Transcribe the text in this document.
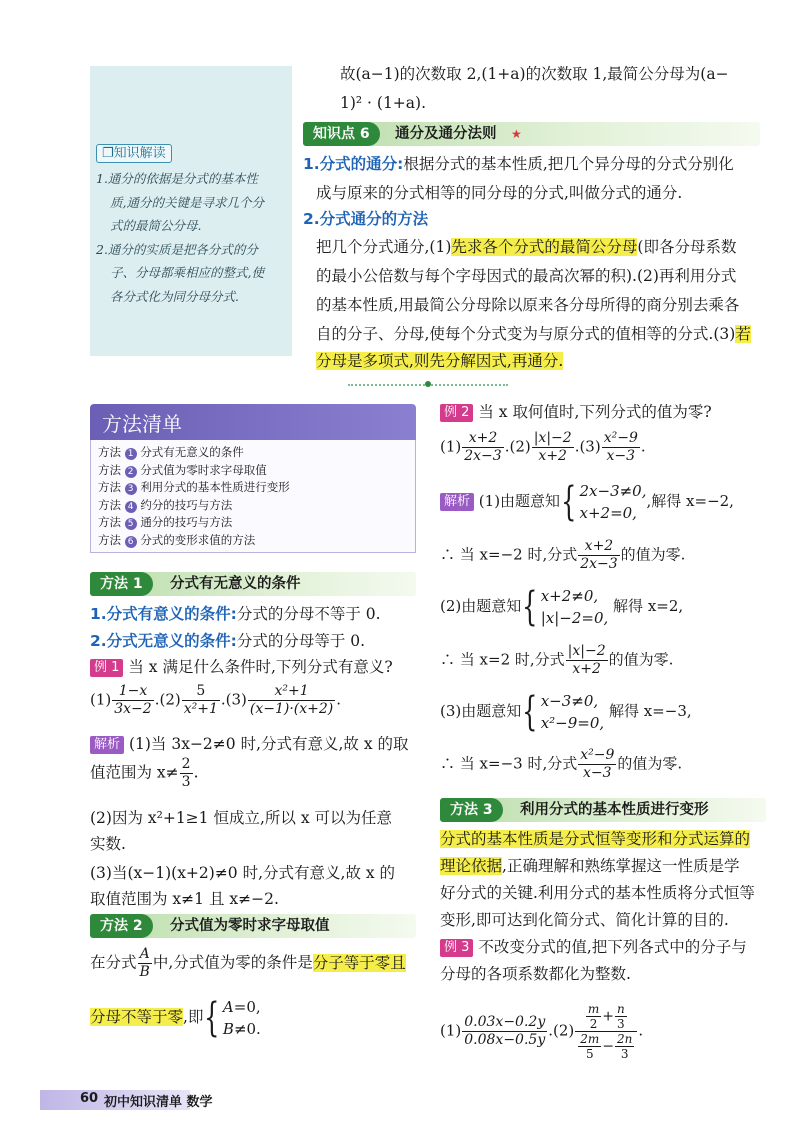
❐知识解读
1.通分的依据是分式的基本性
质,通分的关键是寻求几个分
式的最简公分母.
2.通分的实质是把各分式的分
子、分母都乘相应的整式,使
各分式化为同分母分式.
故(a−1)的次数取 2,(1+a)的次数取 1,最简公分母为(a−
1)² · (1+a).
知识点 6	通分及通分法则 ★
1.分式的通分:根据分式的基本性质,把几个异分母的分式分别化
成与原来的分式相等的同分母的分式,叫做分式的通分.
2.分式通分的方法
把几个分式通分,(1)先求各个分式的最简公分母(即各分母系数
的最小公倍数与每个字母因式的最高次幂的积).(2)再利用分式
的基本性质,用最简公分母除以原来各分母所得的商分别去乘各
自的分子、分母,使每个分式变为与原分式的值相等的分式.(3)若
分母是多项式,则先分解因式,再通分.
方法清单
方法 1 分式有无意义的条件
方法 2 分式值为零时求字母取值
方法 3 利用分式的基本性质进行变形
方法 4 约分的技巧与方法
方法 5 通分的技巧与方法
方法 6 分式的变形求值的方法
方法 1	分式有无意义的条件
1.分式有意义的条件:分式的分母不等于 0.
2.分式无意义的条件:分式的分母等于 0.
例 1 当 x 满足什么条件时,下列分式有意义?
$(1) \frac{1-x}{3x-2} .(2) \frac{5}{\text{x²+1}} .(3) \frac{\text{x²+1}}{(x-1)\cdot(x+2)}$ .
解析 (1)当 3x−2≠0 时,分式有意义,故 x 的取
值范围为 $x\ne \frac{2}{3}$ .
(2)因为 x²+1≥1 恒成立,所以 x 可以为任意
实数.
(3)当(x−1)(x+2)≠0 时,分式有意义,故 x 的
取值范围为 x≠1 且 x≠−2.
方法 2	分式值为零时求字母取值
在分式 $\frac{A}{B}$ 中,分式值为零的条件是分子等于零且
分母不等于零,即{ A=0,
B≠0.
例 2 当 x 取何值时,下列分式的值为零?
$(1) \frac{x+2}{2x-3} .(2) \frac{|x|-2}{x+2} .(3) \frac{\text{x²−9}}{x-3}$ .
解析 (1)由题意知{ 2x−3≠0,
x+2=0,,解得 x=−2,
∴ 当 x=−2 时,分式 $\frac{x+2}{2x-3}$ 的值为零.
(2)由题意知{ x+2≠0,
|x|−2=0, 解得 x=2,
∴ 当 x=2 时,分式 $\frac{|x|-2}{x+2}$ 的值为零.
(3)由题意知{ x−3≠0,
x²−9=0, 解得 x=−3,
∴ 当 x=−3 时,分式 $\frac{\text{x²−9}}{x-3}$ 的值为零.
方法 3	利用分式的基本性质进行变形
分式的基本性质是分式恒等变形和分式运算的
理论依据,正确理解和熟练掌握这一性质是学
好分式的关键.利用分式的基本性质将分式恒等
变形,即可达到化简分式、简化计算的目的.
例 3 不改变分式的值,把下列各式中的分子与
分母的各项系数都化为整数.
$(1) \frac{0.03x-0.2y}{0.08x-0.5y} .(2) \frac{\frac{m}{2} + \frac{n}{3}}{\frac{2m}{5} - \frac{2n}{3}}$ .
60 初中知识清单 数学
